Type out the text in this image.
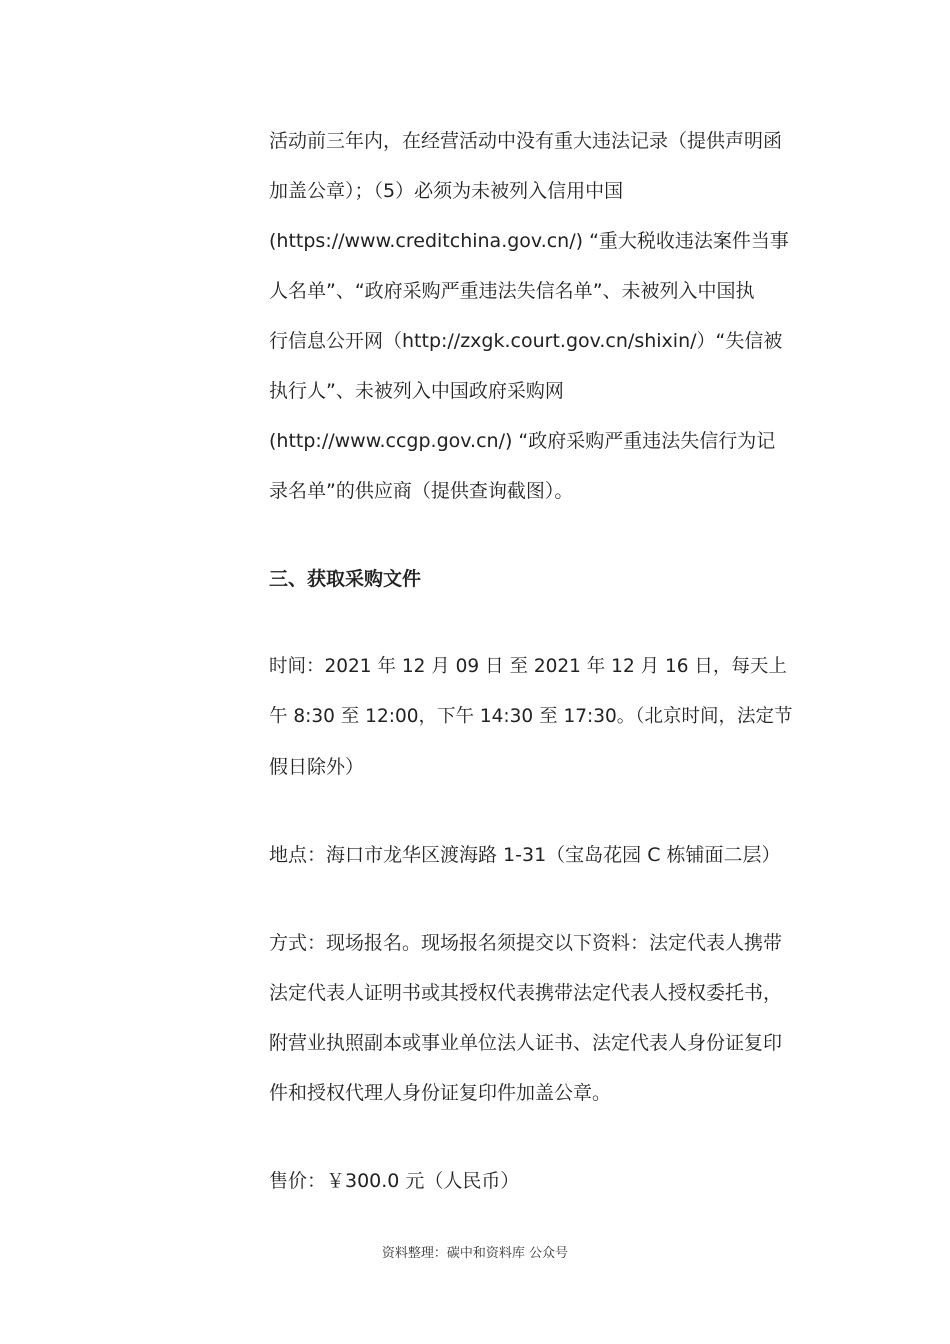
活动前三年内，在经营活动中没有重大违法记录（提供声明函
加盖公章）；（5）必须为未被列入信用中国
(https://www.creditchina.gov.cn/) “重大税收违法案件当事
人名单”、“政府采购严重违法失信名单”、未被列入中国执
行信息公开网（http://zxgk.court.gov.cn/shixin/）“失信被
执行人”、未被列入中国政府采购网
(http://www.ccgp.gov.cn/) “政府采购严重违法失信行为记
录名单”的供应商（提供查询截图）。
三、获取采购文件
时间：2021 年 12 月 09 日 至 2021 年 12 月 16 日，每天上
午 8:30 至 12:00，下午 14:30 至 17:30。（北京时间，法定节
假日除外）
地点：海口市龙华区渡海路 1-31（宝岛花园 C 栋铺面二层）
方式：现场报名。现场报名须提交以下资料：法定代表人携带
法定代表人证明书或其授权代表携带法定代表人授权委托书，
附营业执照副本或事业单位法人证书、法定代表人身份证复印
件和授权代理人身份证复印件加盖公章。
售价：￥300.0 元（人民币）
资料整理：碳中和资料库 公众号
